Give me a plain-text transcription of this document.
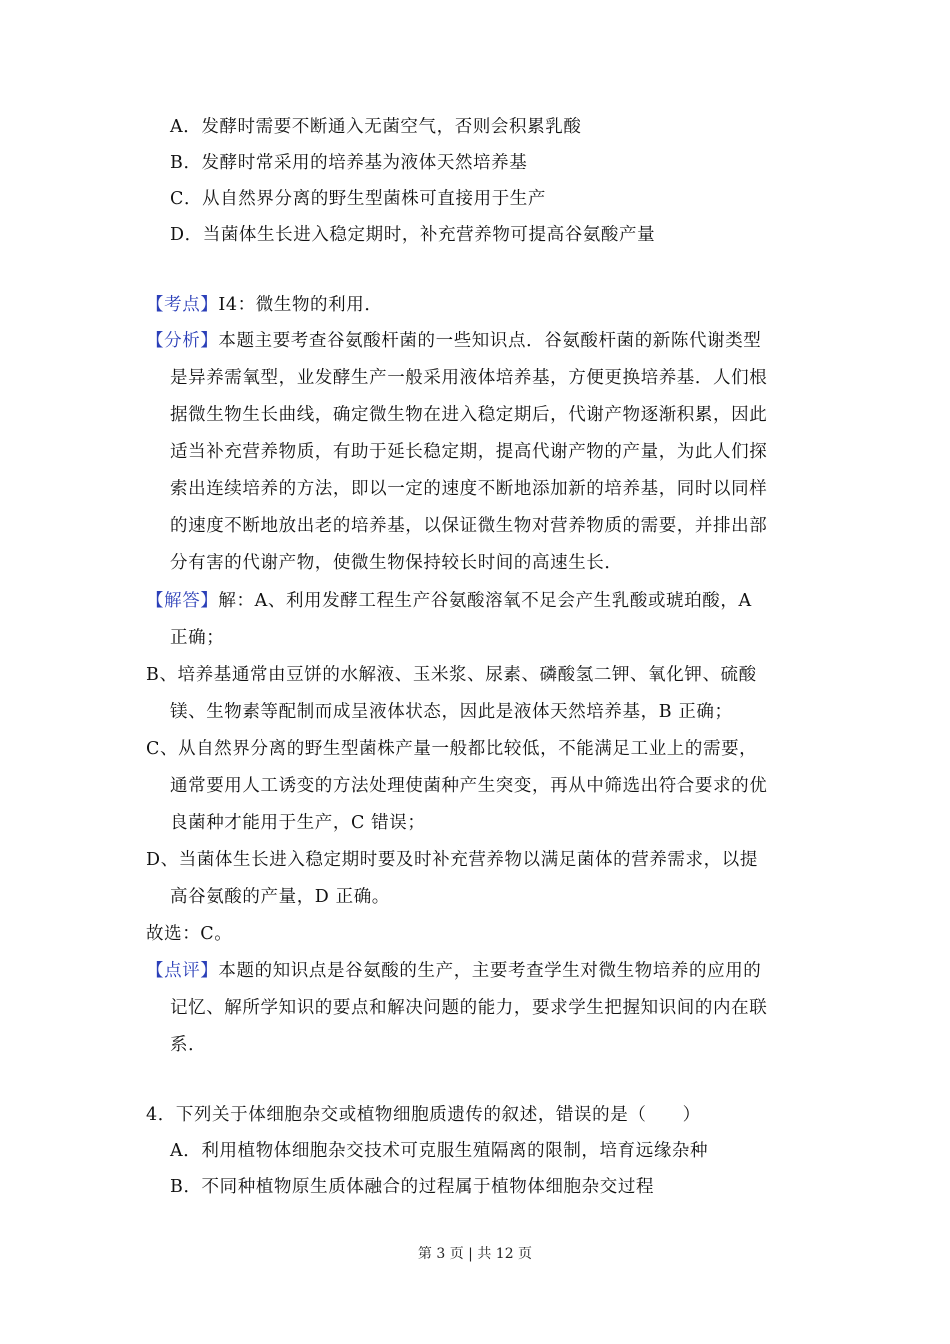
A．发酵时需要不断通入无菌空气，否则会积累乳酸
B．发酵时常采用的培养基为液体天然培养基
C．从自然界分离的野生型菌株可直接用于生产
D．当菌体生长进入稳定期时，补充营养物可提高谷氨酸产量
【考点】I4：微生物的利用．
【分析】本题主要考查谷氨酸杆菌的一些知识点．谷氨酸杆菌的新陈代谢类型
是异养需氧型，业发酵生产一般采用液体培养基，方便更换培养基．人们根
据微生物生长曲线，确定微生物在进入稳定期后，代谢产物逐渐积累，因此
适当补充营养物质，有助于延长稳定期，提高代谢产物的产量，为此人们探
索出连续培养的方法，即以一定的速度不断地添加新的培养基，同时以同样
的速度不断地放出老的培养基，以保证微生物对营养物质的需要，并排出部
分有害的代谢产物，使微生物保持较长时间的高速生长．
【解答】解：A、利用发酵工程生产谷氨酸溶氧不足会产生乳酸或琥珀酸，A
正确；
B、培养基通常由豆饼的水解液、玉米浆、尿素、磷酸氢二钾、氧化钾、硫酸
镁、生物素等配制而成呈液体状态，因此是液体天然培养基，B 正确；
C、从自然界分离的野生型菌株产量一般都比较低，不能满足工业上的需要，
通常要用人工诱变的方法处理使菌种产生突变，再从中筛选出符合要求的优
良菌种才能用于生产，C 错误；
D、当菌体生长进入稳定期时要及时补充营养物以满足菌体的营养需求，以提
高谷氨酸的产量，D 正确。
故选：C。
【点评】本题的知识点是谷氨酸的生产，主要考查学生对微生物培养的应用的
记忆、解所学知识的要点和解决问题的能力，要求学生把握知识间的内在联
系．
4．下列关于体细胞杂交或植物细胞质遗传的叙述，错误的是（　　）
A．利用植物体细胞杂交技术可克服生殖隔离的限制，培育远缘杂种
B．不同种植物原生质体融合的过程属于植物体细胞杂交过程
第 3 页 | 共 12 页
